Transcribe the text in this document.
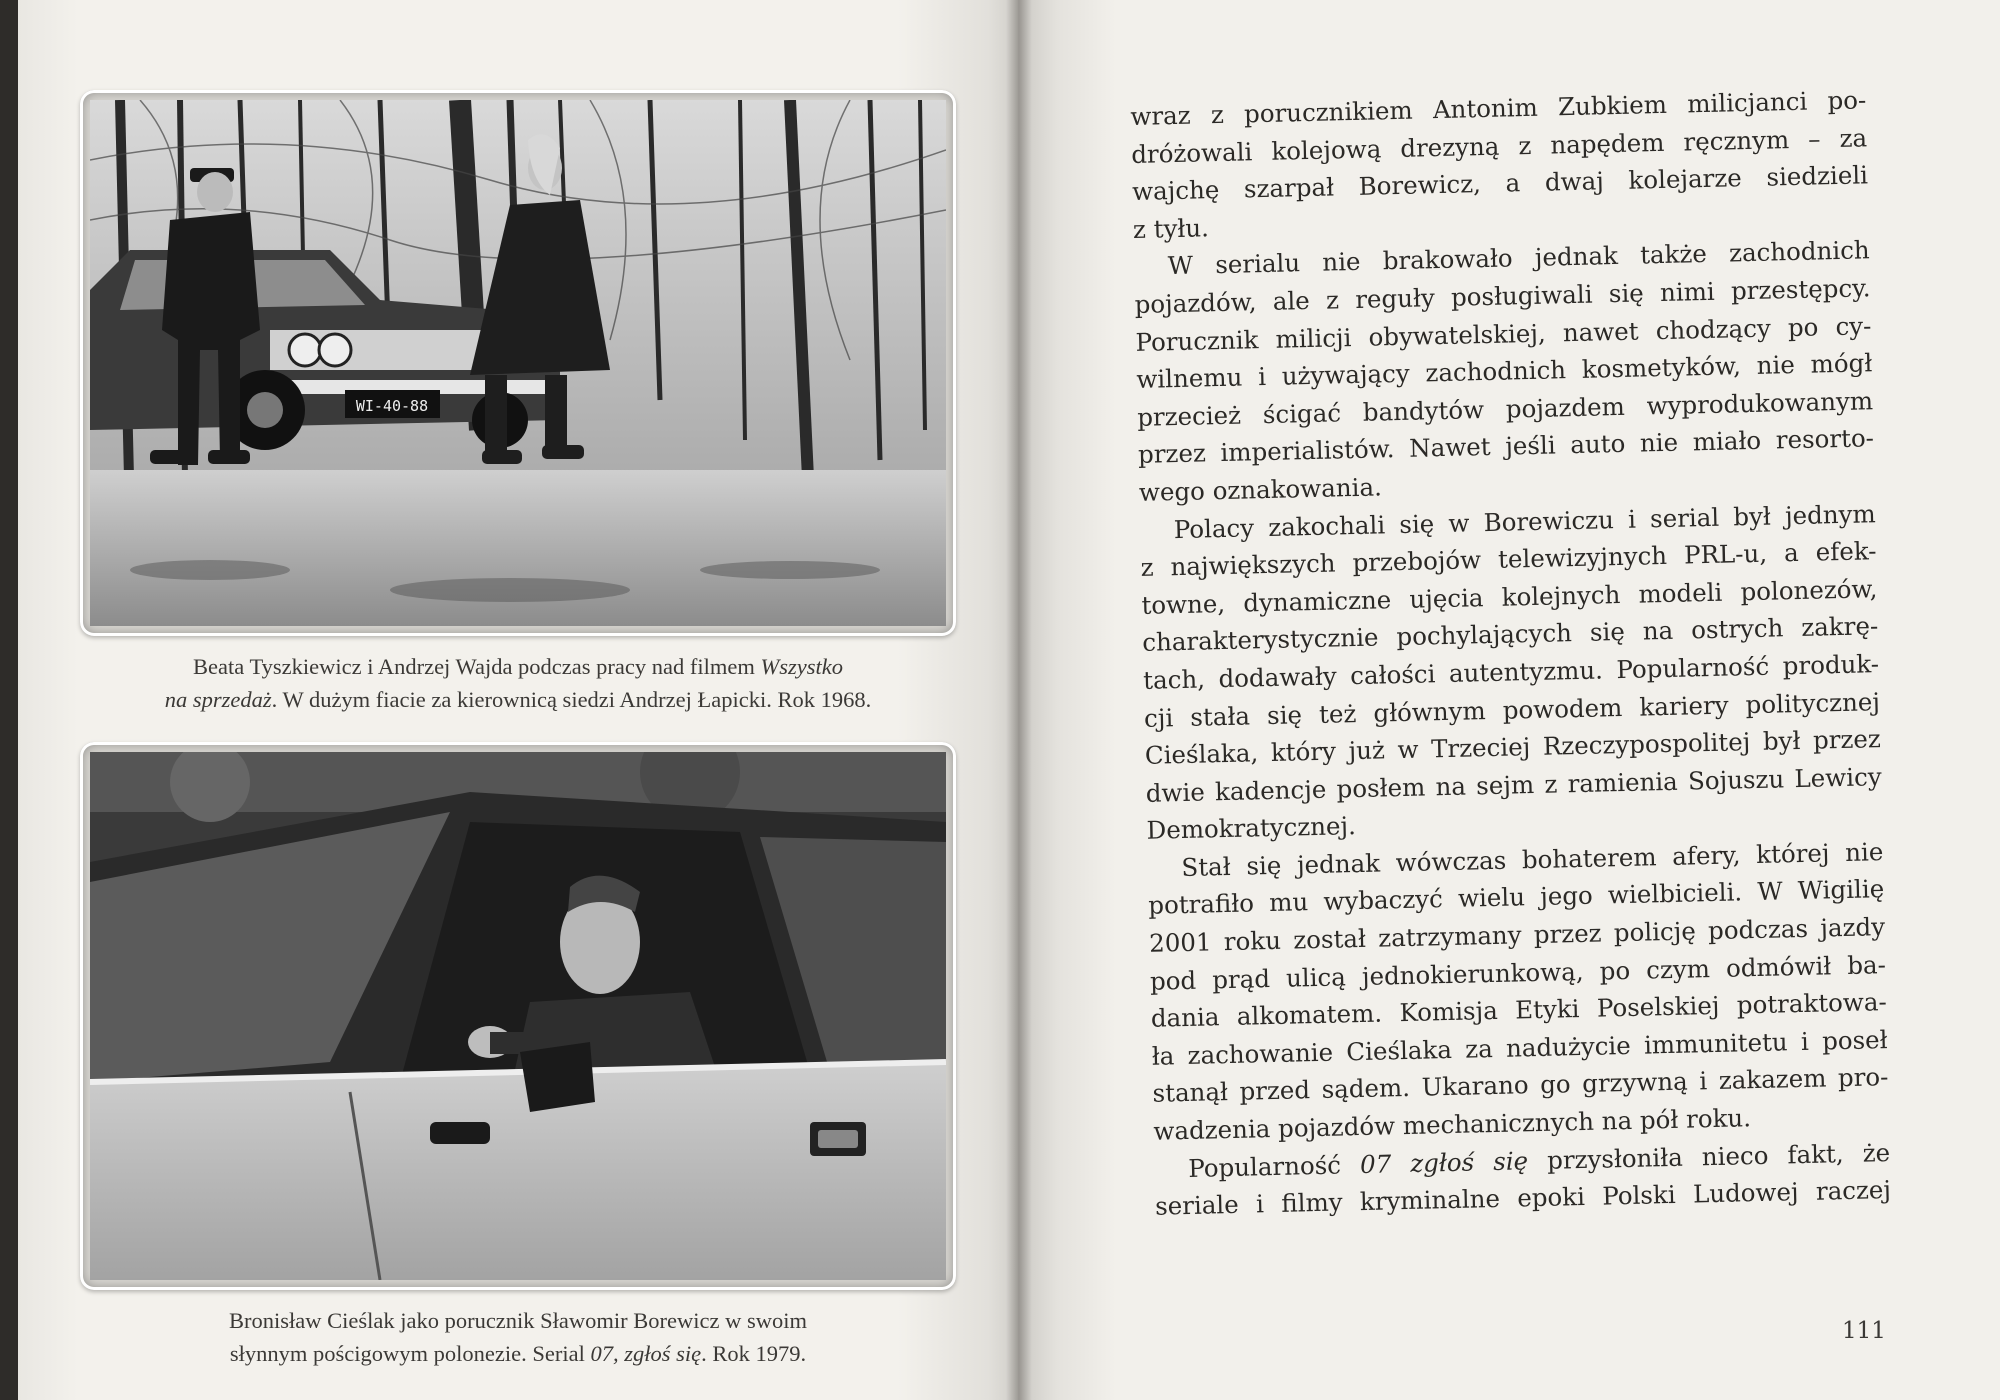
WI-40-88
Beata Tyszkiewicz i Andrzej Wajda podczas pracy nad filmem Wszystko
na sprzedaż. W dużym fiacie za kierownicą siedzi Andrzej Łapicki. Rok 1968.
Bronisław Cieślak jako porucznik Sławomir Borewicz w swoim
słynnym pościgowym polonezie. Serial 07, zgłoś się. Rok 1979.
wraz z porucznikiem Antonim Zubkiem milicjanci po-
dróżowali kolejową drezyną z napędem ręcznym – za
wajchę szarpał Borewicz, a dwaj kolejarze siedzieli
z tyłu.
W serialu nie brakowało jednak także zachodnich
pojazdów, ale z reguły posługiwali się nimi przestępcy.
Porucznik milicji obywatelskiej, nawet chodzący po cy-
wilnemu i używający zachodnich kosmetyków, nie mógł
przecież ścigać bandytów pojazdem wyprodukowanym
przez imperialistów. Nawet jeśli auto nie miało resorto-
wego oznakowania.
Polacy zakochali się w Borewiczu i serial był jednym
z największych przebojów telewizyjnych PRL-u, a efek-
towne, dynamiczne ujęcia kolejnych modeli polonezów,
charakterystycznie pochylających się na ostrych zakrę-
tach, dodawały całości autentyzmu. Popularność produk-
cji stała się też głównym powodem kariery politycznej
Cieślaka, który już w Trzeciej Rzeczypospolitej był przez
dwie kadencje posłem na sejm z ramienia Sojuszu Lewicy
Demokratycznej.
Stał się jednak wówczas bohaterem afery, której nie
potrafiło mu wybaczyć wielu jego wielbicieli. W Wigilię
2001 roku został zatrzymany przez policję podczas jazdy
pod prąd ulicą jednokierunkową, po czym odmówił ba-
dania alkomatem. Komisja Etyki Poselskiej potraktowa-
ła zachowanie Cieślaka za nadużycie immunitetu i poseł
stanął przed sądem. Ukarano go grzywną i zakazem pro-
wadzenia pojazdów mechanicznych na pół roku.
Popularność 07 zgłoś się przysłoniła nieco fakt, że
seriale i filmy kryminalne epoki Polski Ludowej raczej
111
